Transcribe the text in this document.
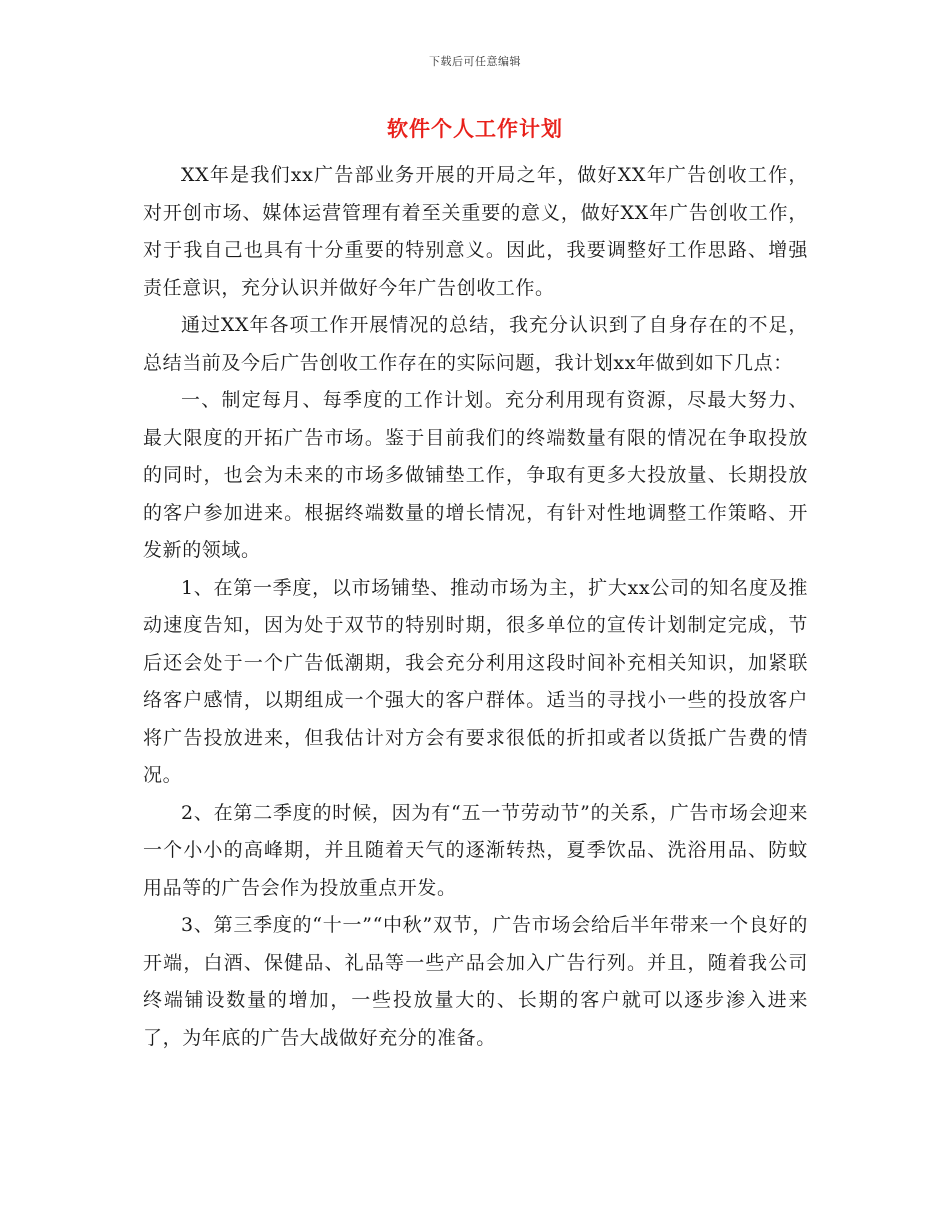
下载后可任意编辑
软件个人工作计划

XX年是我们xx广告部业务开展的开局之年，做好XX年广告创收工作，对开创市场、媒体运营管理有着至关重要的意义，做好XX年广告创收工作，对于我自己也具有十分重要的特别意义。因此，我要调整好工作思路、增强责任意识，充分认识并做好今年广告创收工作。

通过XX年各项工作开展情况的总结，我充分认识到了自身存在的不足，总结当前及今后广告创收工作存在的实际问题，我计划xx年做到如下几点：

一、制定每月、每季度的工作计划。充分利用现有资源，尽最大努力、最大限度的开拓广告市场。鉴于目前我们的终端数量有限的情况在争取投放的同时，也会为未来的市场多做铺垫工作，争取有更多大投放量、长期投放的客户参加进来。根据终端数量的增长情况，有针对性地调整工作策略、开发新的领域。

1、在第一季度，以市场铺垫、推动市场为主，扩大xx公司的知名度及推动速度告知，因为处于双节的特别时期，很多单位的宣传计划制定完成，节后还会处于一个广告低潮期，我会充分利用这段时间补充相关知识，加紧联络客户感情，以期组成一个强大的客户群体。适当的寻找小一些的投放客户将广告投放进来，但我估计对方会有要求很低的折扣或者以货抵广告费的情况。

2、在第二季度的时候，因为有“五一节劳动节”的关系，广告市场会迎来一个小小的高峰期，并且随着天气的逐渐转热，夏季饮品、洗浴用品、防蚊用品等的广告会作为投放重点开发。

3、第三季度的“十一”“中秋”双节，广告市场会给后半年带来一个良好的开端，白酒、保健品、礼品等一些产品会加入广告行列。并且，随着我公司终端铺设数量的增加，一些投放量大的、长期的客户就可以逐步渗入进来了，为年底的广告大战做好充分的准备。
